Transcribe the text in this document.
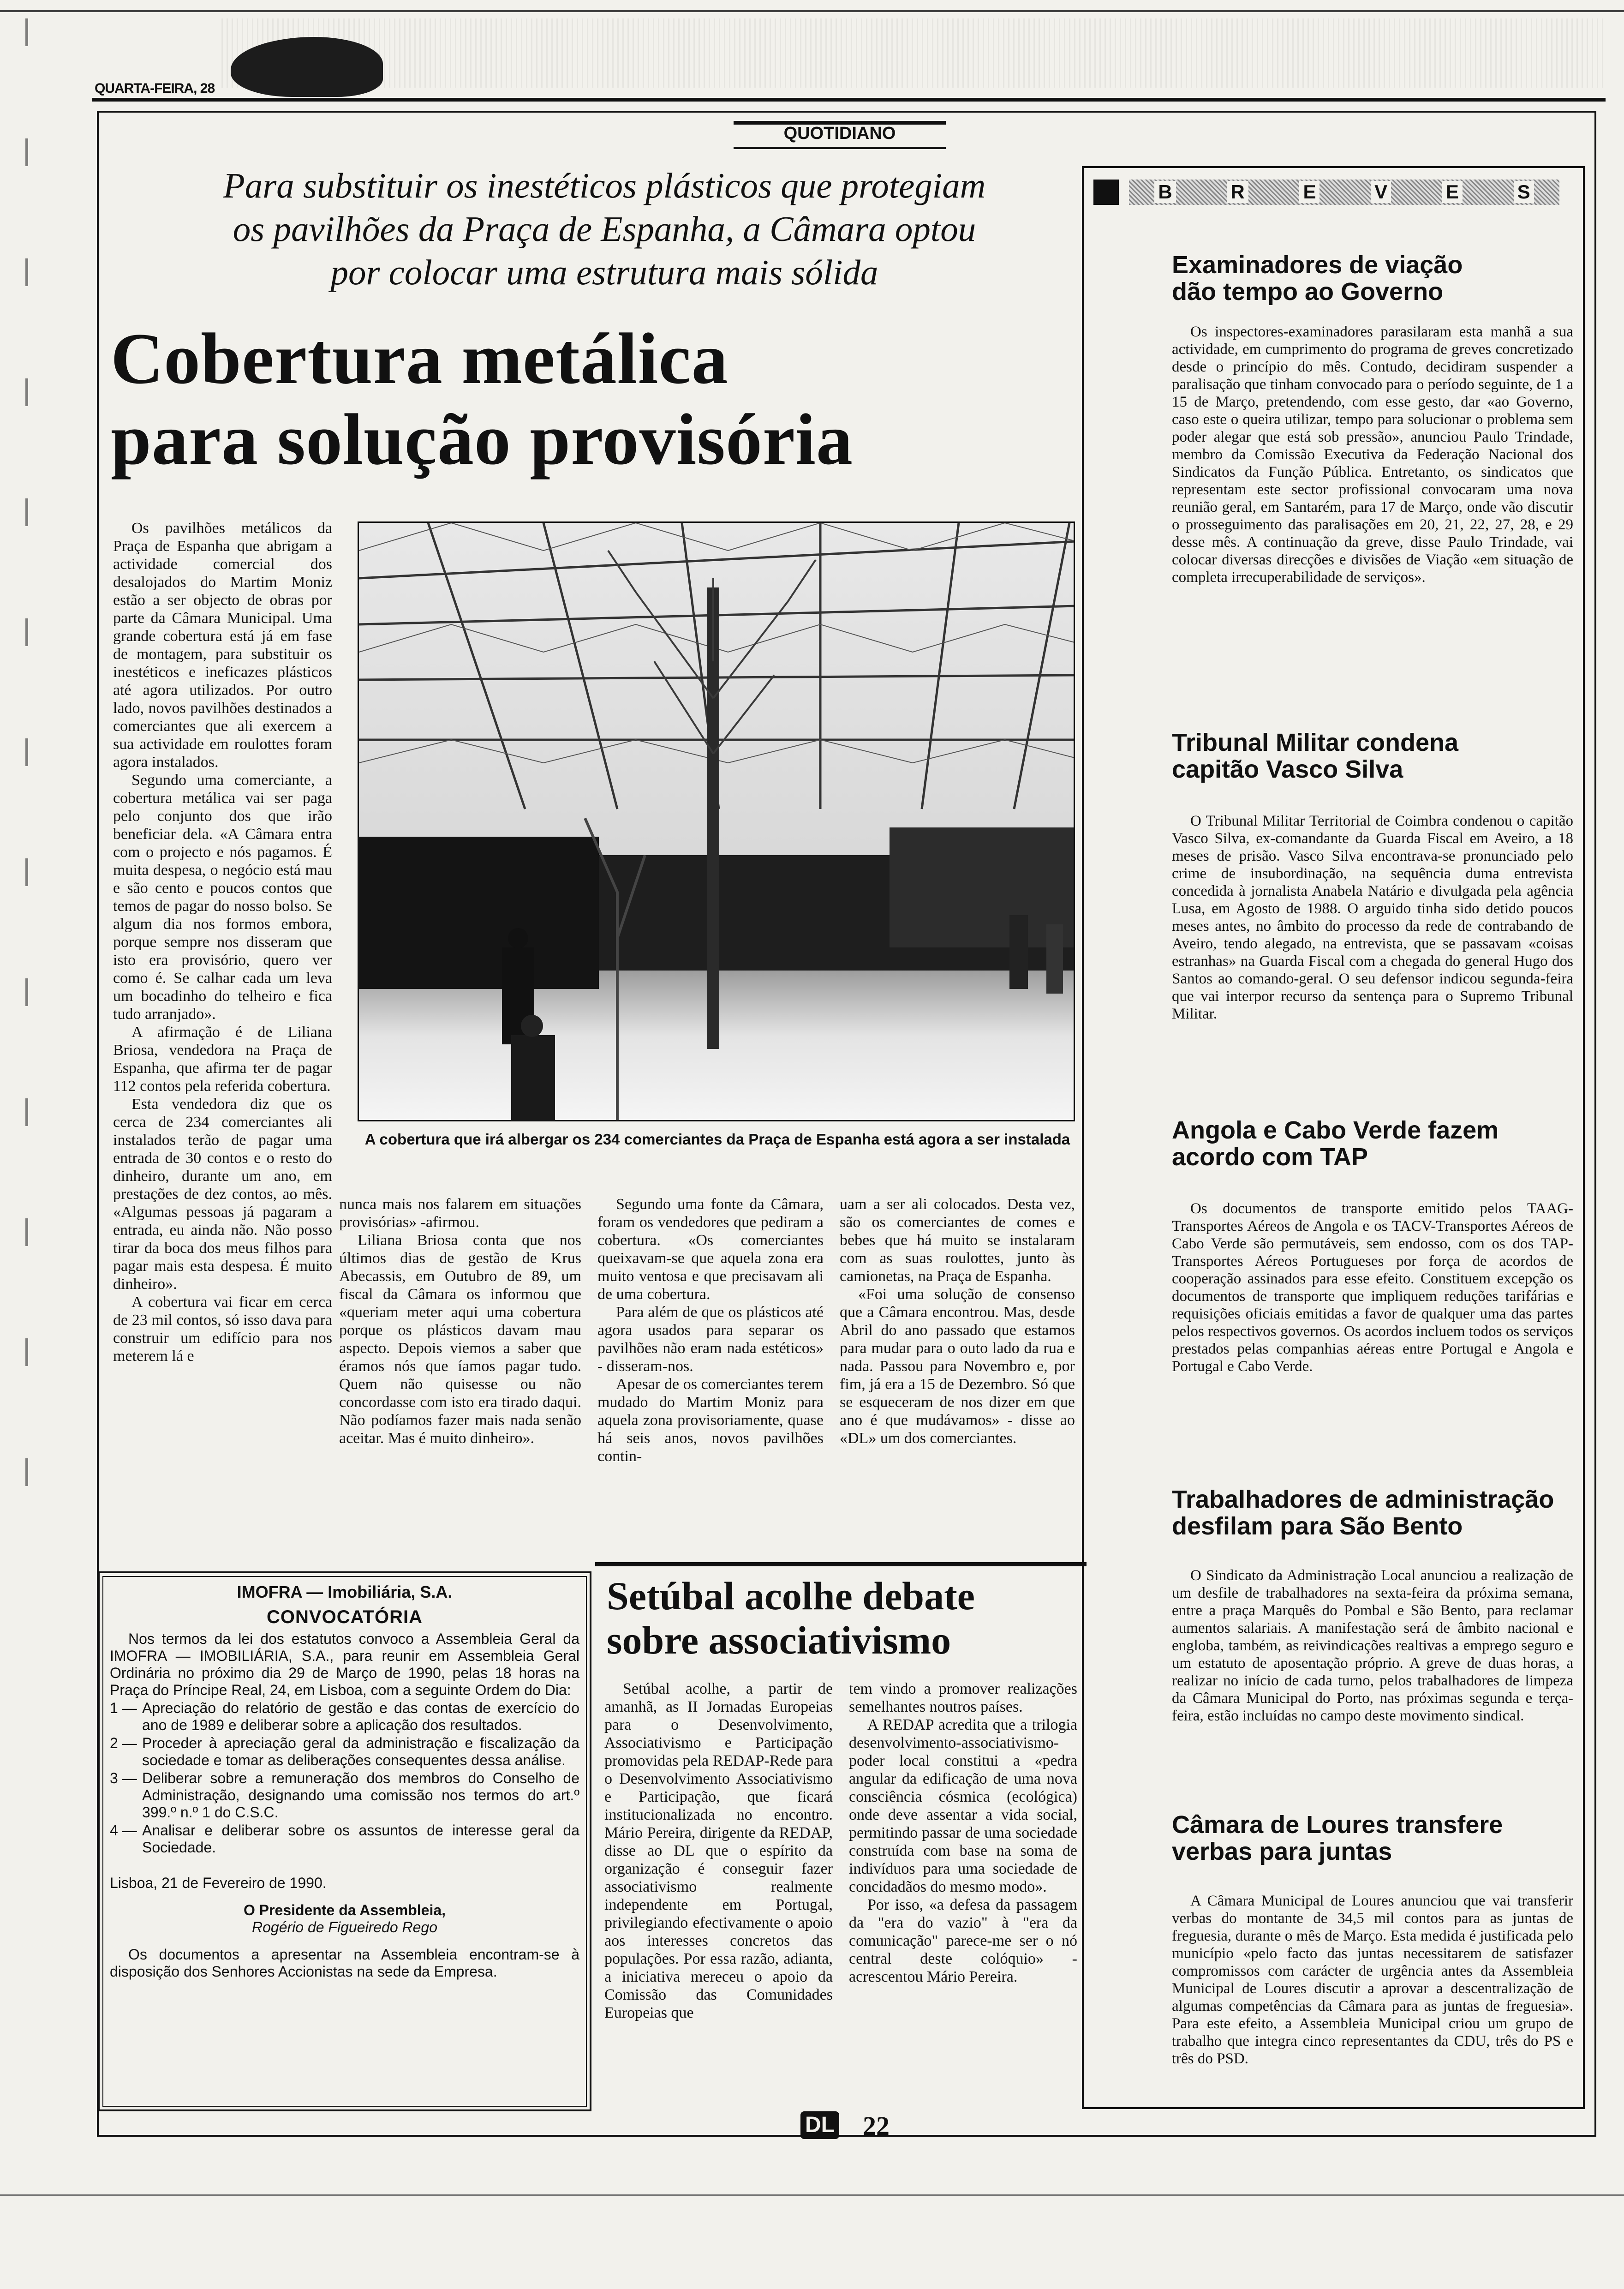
QUARTA-FEIRA, 28
QUOTIDIANO
Para substituir os inestéticos plásticos que protegiam
os pavilhões da Praça de Espanha, a Câmara optou
por colocar uma estrutura mais sólida
Cobertura metálica
para solução provisória

Os pavilhões metálicos da Praça de Espanha que abrigam a actividade comercial dos desalojados do Martim Moniz estão a ser objecto de obras por parte da Câmara Municipal. Uma grande cobertura está já em fase de montagem, para substituir os inestéticos e ineficazes plásticos até agora utilizados. Por outro lado, novos pavilhões destinados a comerciantes que ali exercem a sua actividade em roulottes foram agora instalados.

Segundo uma comerciante, a cobertura metálica vai ser paga pelo conjunto dos que irão beneficiar dela. «A Câmara entra com o projecto e nós pagamos. É muita despesa, o negócio está mau e são cento e poucos contos que temos de pagar do nosso bolso. Se algum dia nos formos embora, porque sempre nos disseram que isto era provisório, quero ver como é. Se calhar cada um leva um bocadinho do telheiro e fica tudo arranjado».

A afirmação é de Liliana Briosa, vendedora na Praça de Espanha, que afirma ter de pagar 112 contos pela referida cobertura.

Esta vendedora diz que os cerca de 234 comerciantes ali instalados terão de pagar uma entrada de 30 contos e o resto do dinheiro, durante um ano, em prestações de dez contos, ao mês. «Algumas pessoas já pagaram a entrada, eu ainda não. Não posso tirar da boca dos meus filhos para pagar mais esta despesa. É muito dinheiro».

A cobertura vai ficar em cerca de 23 mil contos, só isso dava para construir um edifício para nos meterem lá e

A cobertura que irá albergar os 234 comerciantes da Praça de Espanha está agora a ser instalada

nunca mais nos falarem em situações provisórias» -afirmou.

Liliana Briosa conta que nos últimos dias de gestão de Krus Abecassis, em Outubro de 89, um fiscal da Câmara os informou que «queriam meter aqui uma cobertura porque os plásticos davam mau aspecto. Depois viemos a saber que éramos nós que íamos pagar tudo. Quem não quisesse ou não concordasse com isto era tirado daqui. Não podíamos fazer mais nada senão aceitar. Mas é muito dinheiro».

Segundo uma fonte da Câmara, foram os vendedores que pediram a cobertura. «Os comerciantes queixavam-se que aquela zona era muito ventosa e que precisavam ali de uma cobertura.

Para além de que os plásticos até agora usados para separar os pavilhões não eram nada estéticos» - disseram-nos.

Apesar de os comerciantes terem mudado do Martim Moniz para aquela zona provisoriamente, quase há seis anos, novos pavilhões contin-

uam a ser ali colocados. Desta vez, são os comerciantes de comes e bebes que há muito se instalaram com as suas roulottes, junto às camionetas, na Praça de Espanha.

«Foi uma solução de consenso que a Câmara encontrou. Mas, desde Abril do ano passado que estamos para mudar para o outo lado da rua e nada. Passou para Novembro e, por fim, já era a 15 de Dezembro. Só que se esqueceram de nos dizer em que ano é que mudávamos» - disse ao «DL» um dos comerciantes.

IMOFRA — Imobiliária, S.A.
CONVOCATÓRIA
Nos termos da lei dos estatutos convoco a Assembleia Geral da IMOFRA — IMOBILIÁRIA, S.A., para reunir em Assembleia Geral Ordinária no próximo dia 29 de Março de 1990, pelas 18 horas na Praça do Príncipe Real, 24, em Lisboa, com a seguinte Ordem do Dia:
1 — Apreciação do relatório de gestão e das contas de exercício do ano de 1989 e deliberar sobre a aplicação dos resultados.
2 — Proceder à apreciação geral da administração e fiscalização da sociedade e tomar as deliberações consequentes dessa análise.
3 — Deliberar sobre a remuneração dos membros do Conselho de Administração, designando uma comissão nos termos do art.º 399.º n.º 1 do C.S.C.
4 — Analisar e deliberar sobre os assuntos de interesse geral da Sociedade.
Lisboa, 21 de Fevereiro de 1990.
O Presidente da Assembleia,
Rogério de Figueiredo Rego
Os documentos a apresentar na Assembleia encontram-se à disposição dos Senhores Accionistas na sede da Empresa.
Setúbal acolhe debate
sobre associativismo

Setúbal acolhe, a partir de amanhã, as II Jornadas Europeias para o Desenvolvimento, Associativismo e Participação promovidas pela REDAP-Rede para o Desenvolvimento Associativismo e Participação, que ficará institucionalizada no encontro. Mário Pereira, dirigente da REDAP, disse ao DL que o espírito da organização é conseguir fazer associativismo realmente independente em Portugal, privilegiando efectivamente o apoio aos interesses concretos das populações. Por essa razão, adianta, a iniciativa mereceu o apoio da Comissão das Comunidades Europeias que

tem vindo a promover realizações semelhantes noutros países.

A REDAP acredita que a trilogia desenvolvimento-associativismo-poder local constitui a «pedra angular da edificação de uma nova consciência cósmica (ecológica) onde deve assentar a vida social, permitindo passar de uma sociedade construída com base na soma de indivíduos para uma sociedade de concidadãos do mesmo modo».

Por isso, «a defesa da passagem da "era do vazio" à "era da comunicação" parece-me ser o nó central deste colóquio» - acrescentou Mário Pereira.

B	R	E	V	E	S
Examinadores de viação dão tempo ao Governo

Os inspectores-examinadores parasilaram esta manhã a sua actividade, em cumprimento do programa de greves concretizado desde o princípio do mês. Contudo, decidiram suspender a paralisação que tinham convocado para o período seguinte, de 1 a 15 de Março, pretendendo, com esse gesto, dar «ao Governo, caso este o queira utilizar, tempo para solucionar o problema sem poder alegar que está sob pressão», anunciou Paulo Trindade, membro da Comissão Executiva da Federação Nacional dos Sindicatos da Função Pública. Entretanto, os sindicatos que representam este sector profissional convocaram uma nova reunião geral, em Santarém, para 17 de Março, onde vão discutir o prosseguimento das paralisações em 20, 21, 22, 27, 28, e 29 desse mês. A continuação da greve, disse Paulo Trindade, vai colocar diversas direcções e divisões de Viação «em situação de completa irrecuperabilidade de serviços».

Tribunal Militar condena capitão Vasco Silva

O Tribunal Militar Territorial de Coimbra condenou o capitão Vasco Silva, ex-comandante da Guarda Fiscal em Aveiro, a 18 meses de prisão. Vasco Silva encontrava-se pronunciado pelo crime de insubordinação, na sequência duma entrevista concedida à jornalista Anabela Natário e divulgada pela agência Lusa, em Agosto de 1988. O arguido tinha sido detido poucos meses antes, no âmbito do processo da rede de contrabando de Aveiro, tendo alegado, na entrevista, que se passavam «coisas estranhas» na Guarda Fiscal com a chegada do general Hugo dos Santos ao comando-geral. O seu defensor indicou segunda-feira que vai interpor recurso da sentença para o Supremo Tribunal Militar.

Angola e Cabo Verde fazem acordo com TAP

Os documentos de transporte emitido pelos TAAG-Transportes Aéreos de Angola e os TACV-Transportes Aéreos de Cabo Verde são permutáveis, sem endosso, com os dos TAP-Transportes Aéreos Portugueses por força de acordos de cooperação assinados para esse efeito. Constituem excepção os documentos de transporte que impliquem reduções tarifárias e requisições oficiais emitidas a favor de qualquer uma das partes pelos respectivos governos. Os acordos incluem todos os serviços prestados pelas companhias aéreas entre Portugal e Angola e Portugal e Cabo Verde.

Trabalhadores de administração desfilam para São Bento

O Sindicato da Administração Local anunciou a realização de um desfile de trabalhadores na sexta-feira da próxima semana, entre a praça Marquês do Pombal e São Bento, para reclamar aumentos salariais. A manifestação será de âmbito nacional e engloba, também, as reivindicações realtivas a emprego seguro e um estatuto de aposentação próprio. A greve de duas horas, a realizar no início de cada turno, pelos trabalhadores de limpeza da Câmara Municipal do Porto, nas próximas segunda e terça-feira, estão incluídas no campo deste movimento sindical.

Câmara de Loures transfere verbas para juntas

A Câmara Municipal de Loures anunciou que vai transferir verbas do montante de 34,5 mil contos para as juntas de freguesia, durante o mês de Março. Esta medida é justificada pelo município «pelo facto das juntas necessitarem de satisfazer compromissos com carácter de urgência antes da Assembleia Municipal de Loures discutir a aprovar a descentralização de algumas competências da Câmara para as juntas de freguesia». Para este efeito, a Assembleia Municipal criou um grupo de trabalho que integra cinco representantes da CDU, três do PS e três do PSD.

DL 22
